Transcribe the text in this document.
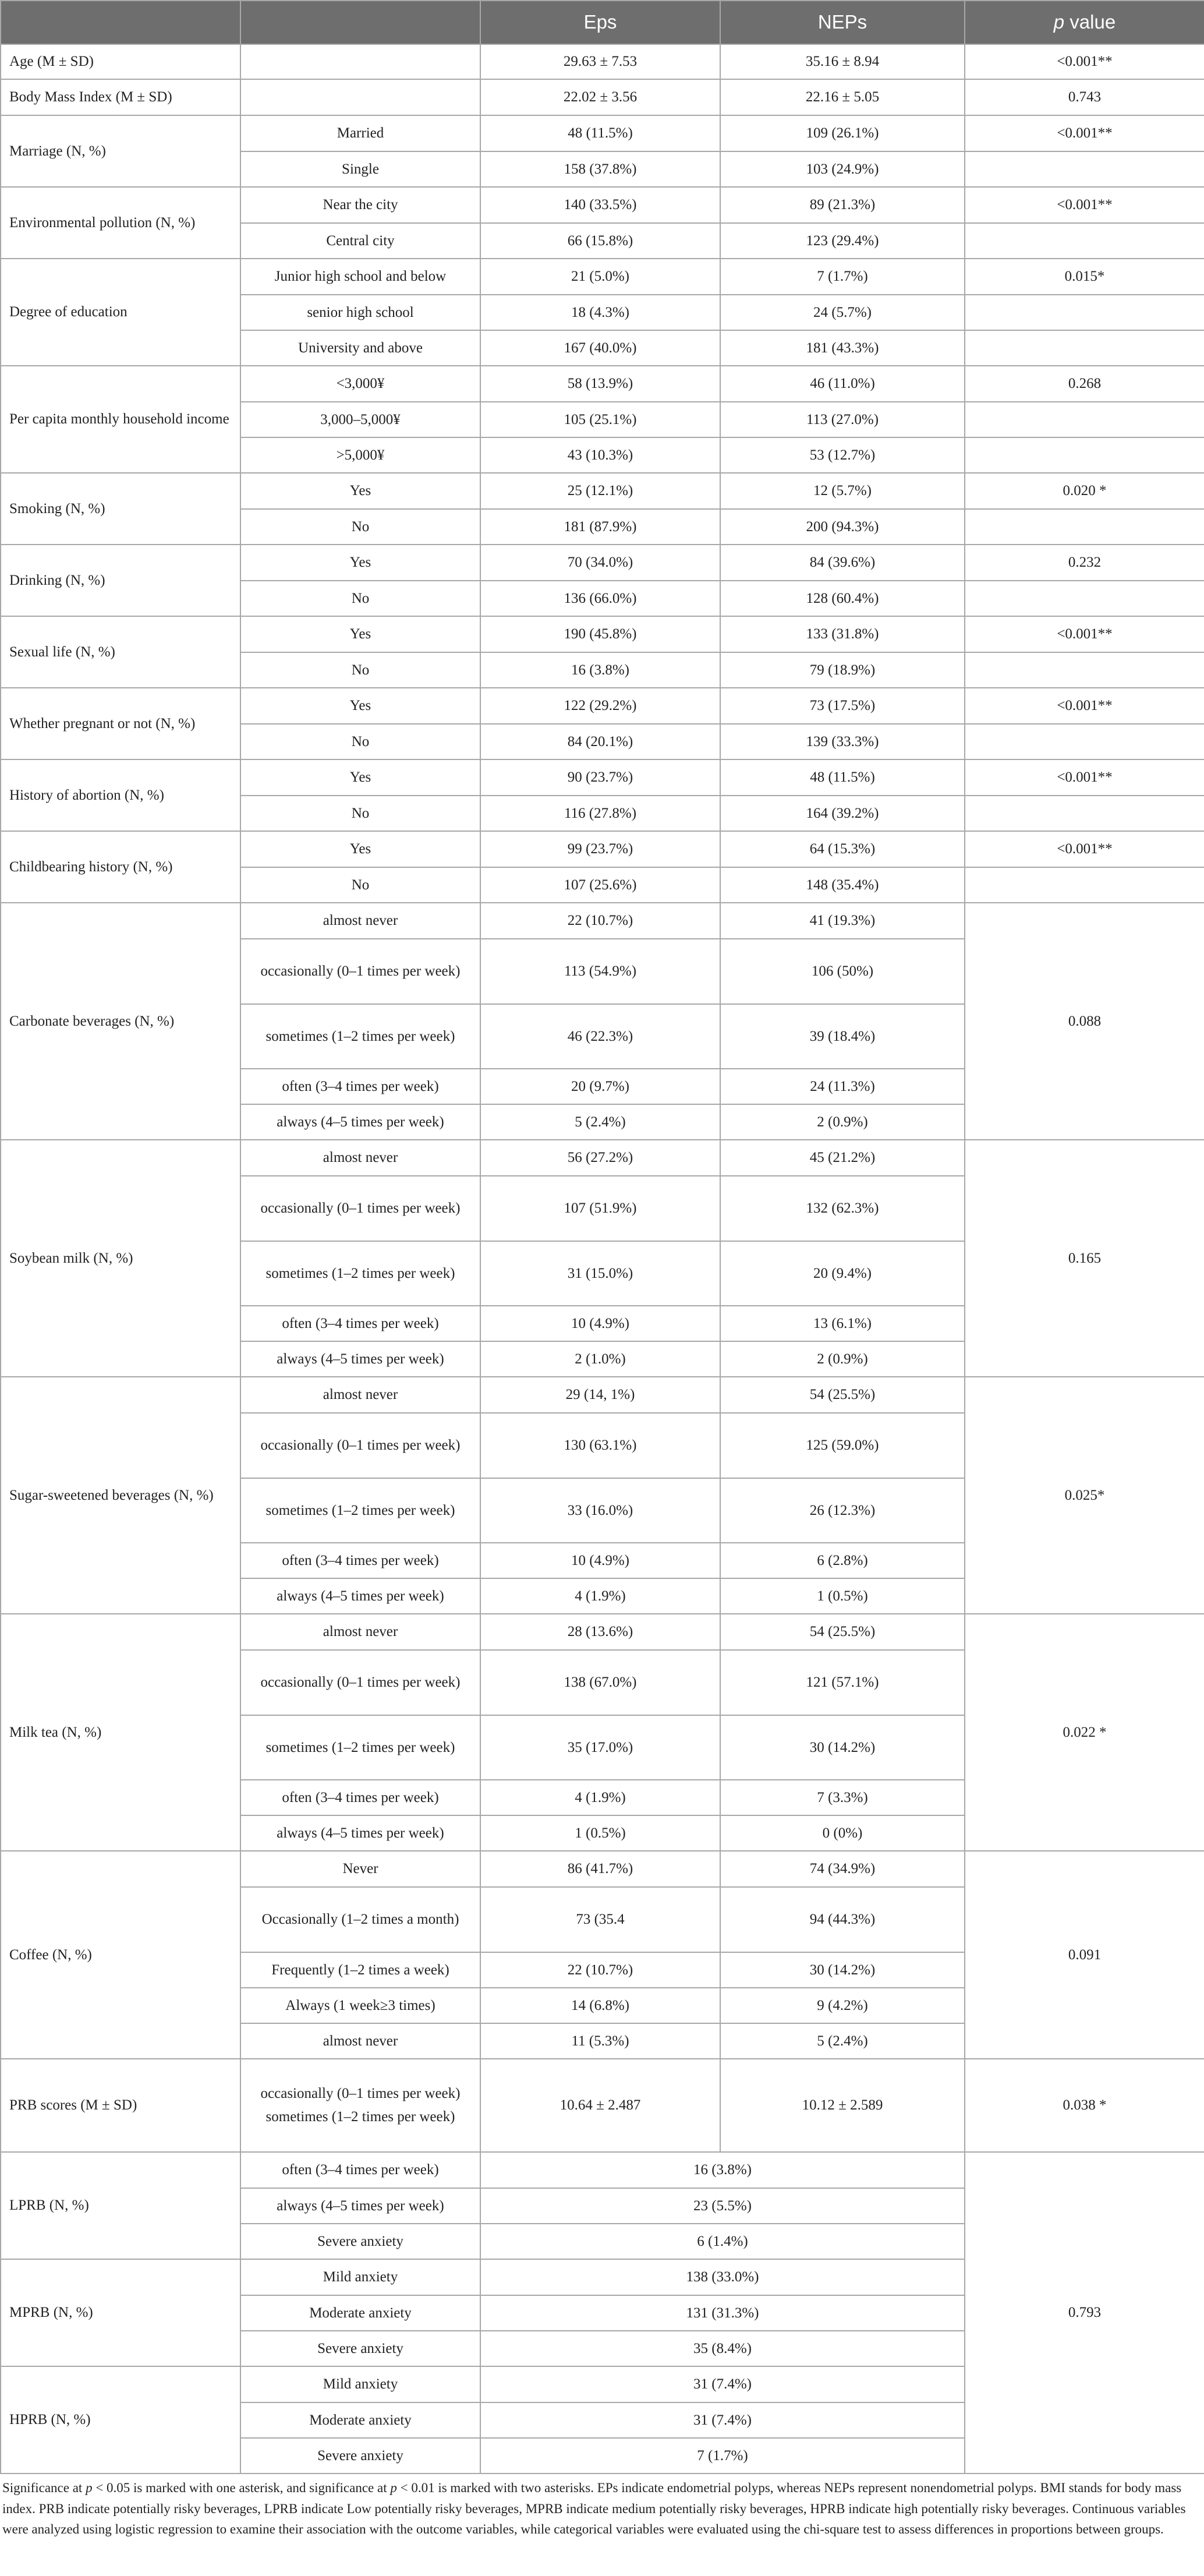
		Eps	NEPs	p value
Age (M ± SD)		29.63 ± 7.53	35.16 ± 8.94	<0.001**
Body Mass Index (M ± SD)		22.02 ± 3.56	22.16 ± 5.05	0.743
Marriage (N, %)	Married	48 (11.5%)	109 (26.1%)	<0.001**
	Single	158 (37.8%)	103 (24.9%)	
Environmental pollution (N, %)	Near the city	140 (33.5%)	89 (21.3%)	<0.001**
	Central city	66 (15.8%)	123 (29.4%)	
Degree of education	Junior high school and below	21 (5.0%)	7 (1.7%)	0.015*
	senior high school	18 (4.3%)	24 (5.7%)	
	University and above	167 (40.0%)	181 (43.3%)	
Per capita monthly household income	<3,000¥	58 (13.9%)	46 (11.0%)	0.268
	3,000–5,000¥	105 (25.1%)	113 (27.0%)	
	>5,000¥	43 (10.3%)	53 (12.7%)	
Smoking (N, %)	Yes	25 (12.1%)	12 (5.7%)	0.020 *
	No	181 (87.9%)	200 (94.3%)	
Drinking (N, %)	Yes	70 (34.0%)	84 (39.6%)	0.232
	No	136 (66.0%)	128 (60.4%)	
Sexual life (N, %)	Yes	190 (45.8%)	133 (31.8%)	<0.001**
	No	16 (3.8%)	79 (18.9%)	
Whether pregnant or not (N, %)	Yes	122 (29.2%)	73 (17.5%)	<0.001**
	No	84 (20.1%)	139 (33.3%)	
History of abortion (N, %)	Yes	90 (23.7%)	48 (11.5%)	<0.001**
	No	116 (27.8%)	164 (39.2%)	
Childbearing history (N, %)	Yes	99 (23.7%)	64 (15.3%)	<0.001**
	No	107 (25.6%)	148 (35.4%)	
Carbonate beverages (N, %)	almost never	22 (10.7%)	41 (19.3%)	0.088
	occasionally (0–1 times per week)	113 (54.9%)	106 (50%)	
	sometimes (1–2 times per week)	46 (22.3%)	39 (18.4%)	
	often (3–4 times per week)	20 (9.7%)	24 (11.3%)	
	always (4–5 times per week)	5 (2.4%)	2 (0.9%)	
Soybean milk (N, %)	almost never	56 (27.2%)	45 (21.2%)	0.165
	occasionally (0–1 times per week)	107 (51.9%)	132 (62.3%)	
	sometimes (1–2 times per week)	31 (15.0%)	20 (9.4%)	
	often (3–4 times per week)	10 (4.9%)	13 (6.1%)	
	always (4–5 times per week)	2 (1.0%)	2 (0.9%)	
Sugar-sweetened beverages (N, %)	almost never	29 (14, 1%)	54 (25.5%)	0.025*
	occasionally (0–1 times per week)	130 (63.1%)	125 (59.0%)	
	sometimes (1–2 times per week)	33 (16.0%)	26 (12.3%)	
	often (3–4 times per week)	10 (4.9%)	6 (2.8%)	
	always (4–5 times per week)	4 (1.9%)	1 (0.5%)	
Milk tea (N, %)	almost never	28 (13.6%)	54 (25.5%)	0.022 *
	occasionally (0–1 times per week)	138 (67.0%)	121 (57.1%)	
	sometimes (1–2 times per week)	35 (17.0%)	30 (14.2%)	
	often (3–4 times per week)	4 (1.9%)	7 (3.3%)	
	always (4–5 times per week)	1 (0.5%)	0 (0%)	
Coffee (N, %)	Never	86 (41.7%)	74 (34.9%)	0.091
	Occasionally (1–2 times a month)	73 (35.4	94 (44.3%)	
	Frequently (1–2 times a week)	22 (10.7%)	30 (14.2%)	
	Always (1 week≥3 times)	14 (6.8%)	9 (4.2%)	
	almost never	11 (5.3%)	5 (2.4%)	
PRB scores (M ± SD)	occasionally (0–1 times per week) sometimes (1–2 times per week)	10.64 ± 2.487	10.12 ± 2.589	0.038 *
LPRB (N, %)	often (3–4 times per week)	16 (3.8%)		0.793
	always (4–5 times per week)	23 (5.5%)		
	Severe anxiety	6 (1.4%)		
MPRB (N, %)	Mild anxiety	138 (33.0%)		
	Moderate anxiety	131 (31.3%)		
	Severe anxiety	35 (8.4%)		
HPRB (N, %)	Mild anxiety	31 (7.4%)		
	Moderate anxiety	31 (7.4%)		
	Severe anxiety	7 (1.7%)		
Significance at p < 0.05 is marked with one asterisk, and significance at p < 0.01 is marked with two asterisks. EPs indicate endometrial polyps, whereas NEPs represent nonendometrial polyps. BMI stands for body mass index. PRB indicate potentially risky beverages, LPRB indicate Low potentially risky beverages, MPRB indicate medium potentially risky beverages, HPRB indicate high potentially risky beverages. Continuous variables were analyzed using logistic regression to examine their association with the outcome variables, while categorical variables were evaluated using the chi-square test to assess differences in proportions between groups.
